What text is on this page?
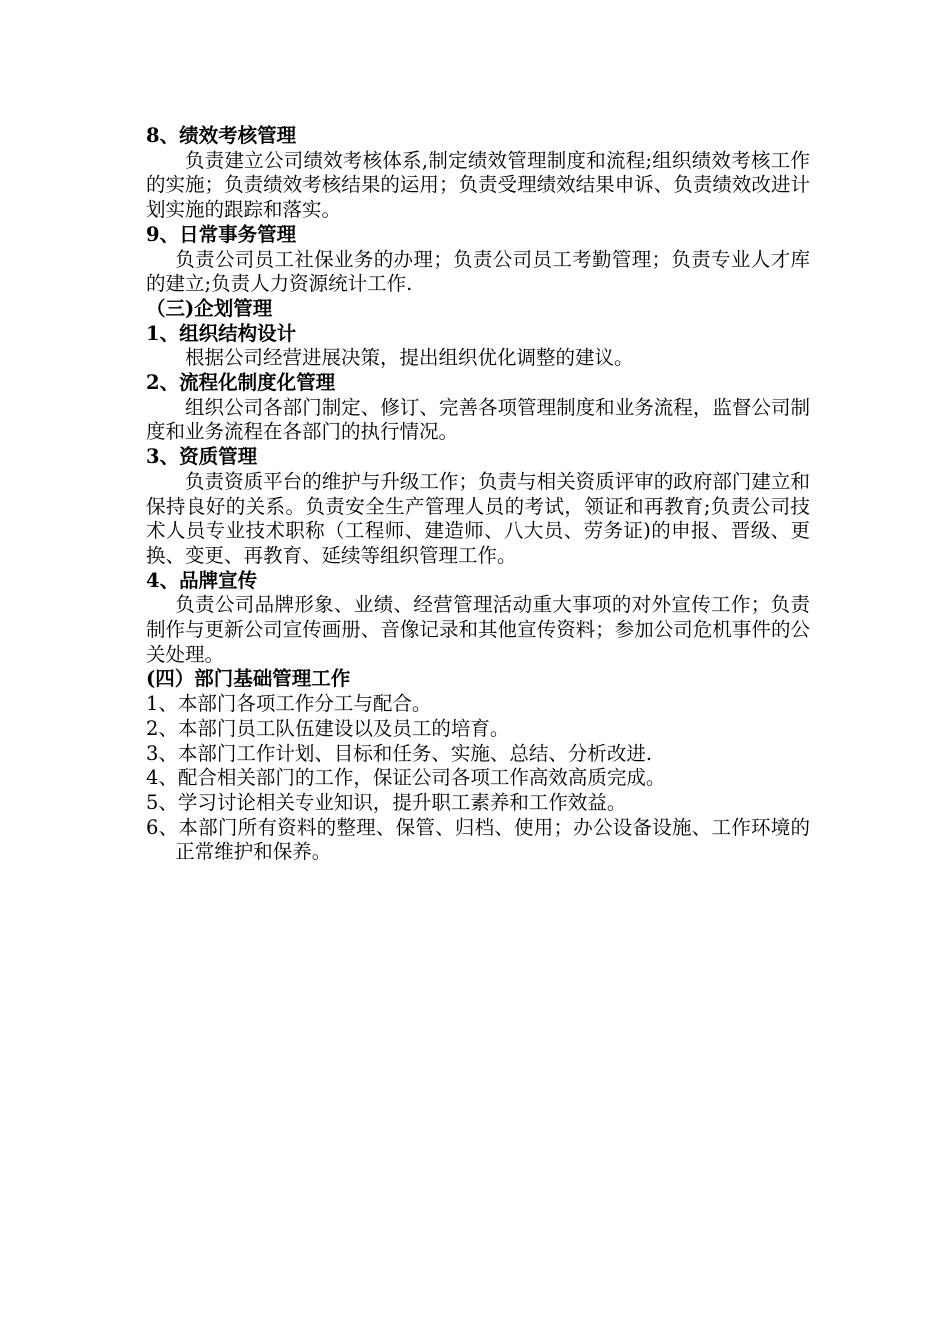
8、绩效考核管理

负责建立公司绩效考核体系,制定绩效管理制度和流程;组织绩效考核工作的实施；负责绩效考核结果的运用；负责受理绩效结果申诉、负责绩效改进计划实施的跟踪和落实。

9、日常事务管理

负责公司员工社保业务的办理；负责公司员工考勤管理；负责专业人才库的建立;负责人力资源统计工作.

（三)企划管理

1、组织结构设计

根据公司经营进展决策，提出组织优化调整的建议。

2、流程化制度化管理

组织公司各部门制定、修订、完善各项管理制度和业务流程，监督公司制度和业务流程在各部门的执行情况。

3、资质管理

负责资质平台的维护与升级工作；负责与相关资质评审的政府部门建立和保持良好的关系。负责安全生产管理人员的考试，领证和再教育;负责公司技术人员专业技术职称（工程师、建造师、八大员、劳务证)的申报、晋级、更换、变更、再教育、延续等组织管理工作。

4、品牌宣传

负责公司品牌形象、业绩、经营管理活动重大事项的对外宣传工作；负责制作与更新公司宣传画册、音像记录和其他宣传资料；参加公司危机事件的公关处理。

(四）部门基础管理工作

1、本部门各项工作分工与配合。

2、本部门员工队伍建设以及员工的培育。

3、本部门工作计划、目标和任务、实施、总结、分析改进.

4、配合相关部门的工作，保证公司各项工作高效高质完成。

5、学习讨论相关专业知识，提升职工素养和工作效益。

6、本部门所有资料的整理、保管、归档、使用；办公设备设施、工作环境的正常维护和保养。
